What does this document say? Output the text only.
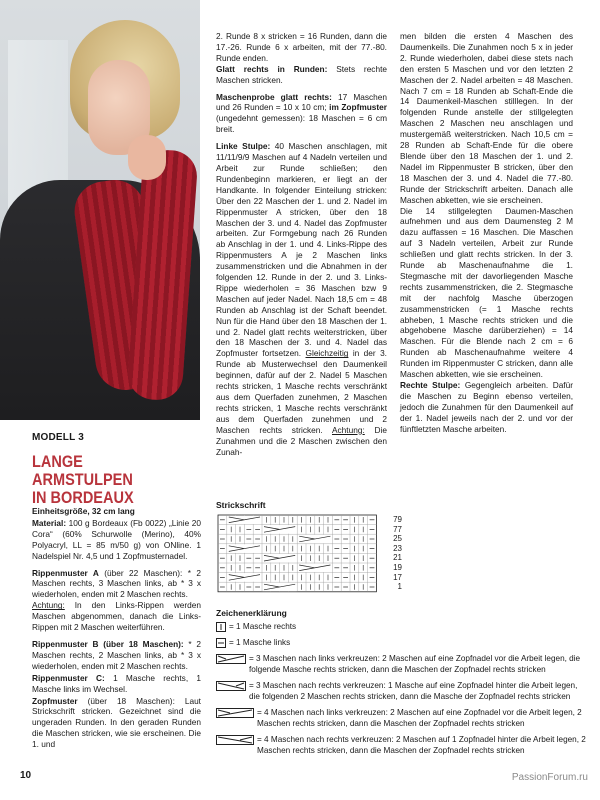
MODELL 3
LANGE ARMSTULPEN
IN BORDEAUX

Einheitsgröße, 32 cm lang

Material: 100 g Bordeaux (Fb 0022) „Linie 20 Cora“ (60% Schurwolle (Merino), 40% Polyacryl, LL = 85 m/50 g) von ONline. 1 Nadelspiel Nr. 4,5 und 1 Zopfmusternadel.

Rippenmuster A (über 22 Maschen): * 2 Maschen rechts, 3 Maschen links, ab * 3 x wiederholen, enden mit 2 Maschen rechts.

Achtung: In den Links-Rippen werden Maschen abgenommen, danach die Links-Rippen mit 2 Maschen weiterführen.

Rippenmuster B (über 18 Maschen): * 2 Maschen rechts, 2 Maschen links, ab * 3 x wiederholen, enden mit 2 Maschen rechts.

Rippenmuster C: 1 Masche rechts, 1 Masche links im Wechsel.

Zopfmuster (über 18 Maschen): Laut Strickschrift stricken. Gezeichnet sind die ungeraden Runden. In den geraden Runden die Maschen stricken, wie sie erscheinen. Die 1. und

2. Runde 8 x stricken = 16 Runden, dann die 17.-26. Runde 6 x arbeiten, mit der 77.-80. Runde enden.

Glatt rechts in Runden: Stets rechte Maschen stricken.

Maschenprobe glatt rechts: 17 Maschen und 26 Runden = 10 x 10 cm; im Zopfmuster (ungedehnt gemessen): 18 Maschen = 6 cm breit.

Linke Stulpe: 40 Maschen anschlagen, mit 11/11/9/9 Maschen auf 4 Nadeln verteilen und Arbeit zur Runde schließen; den Rundenbeginn markieren, er liegt an der Handkante. In folgender Einteilung stricken: Über den 22 Maschen der 1. und 2. Nadel im Rippenmuster A stricken, über den 18 Maschen der 3. und 4. Nadel das Zopfmuster arbeiten. Zur Formgebung nach 26 Runden ab Anschlag in der 1. und 4. Links-Rippe des Rippenmusters A je 2 Maschen links zusammenstricken und die Abnahmen in der folgenden 12. Runde in der 2. und 3. Links-Rippe wiederholen = 36 Maschen bzw 9 Maschen auf jeder Nadel. Nach 18,5 cm = 48 Runden ab Anschlag ist der Schaft beendet. Nun für die Hand über den 18 Maschen der 1. und 2. Nadel glatt rechts weiterstricken, über den 18 Maschen der 3. und 4. Nadel das Zopfmuster fortsetzen. Gleichzeitig in der 3. Runde ab Musterwechsel den Daumenkeil beginnen, dafür auf der 2. Nadel 5 Maschen rechts stricken, 1 Masche rechts verschränkt aus dem Querfaden zunehmen, 2 Maschen rechts stricken, 1 Masche rechts verschränkt aus dem Querfaden zunehmen und 2 Maschen rechts stricken. Achtung: Die Zunahmen und die 2 Maschen zwischen den Zunah-

men bilden die ersten 4 Maschen des Daumenkeils. Die Zunahmen noch 5 x in jeder 2. Runde wiederholen, dabei diese stets nach den ersten 5 Maschen und vor den letzten 2 Maschen der 2. Nadel arbeiten = 48 Maschen. Nach 7 cm = 18 Runden ab Schaft-Ende die 14 Daumenkeil-Maschen stilllegen. In der folgenden Runde anstelle der stillgelegten Maschen 2 Maschen neu anschlagen und mustergemäß weiterstricken. Nach 10,5 cm = 28 Runden ab Schaft-Ende für die obere Blende über den 18 Maschen der 1. und 2. Nadel im Rippenmuster B stricken, über den 18 Maschen der 3. und 4. Nadel die 77.-80. Runde der Strickschrift arbeiten. Danach alle Maschen abketten, wie sie erscheinen.

Die 14 stillgelegten Daumen-Maschen aufnehmen und aus dem Daumensteg 2 M dazu auffassen = 16 Maschen. Die Maschen auf 3 Nadeln verteilen, Arbeit zur Runde schließen und glatt rechts stricken. In der 3. Runde ab Maschenaufnahme die 1. Stegmasche mit der davorliegenden Masche rechts zusammenstricken, die 2. Stegmasche mit der nachfolg Masche überzogen zusammenstricken (= 1 Masche rechts abheben, 1 Masche rechts stricken und die abgehobene Masche darüberziehen) = 14 Maschen. Für die Blende nach 2 cm = 6 Runden ab Maschenaufnahme weitere 4 Runden im Rippenmuster C stricken, dann alle Maschen abketten, wie sie erscheinen.

Rechte Stulpe: Gegengleich arbeiten. Dafür die Maschen zu Beginn ebenso verteilen, jedoch die Zunahmen für den Daumenkeil auf der 1. Nadel jeweils nach der 2. und vor der fünftletzten Masche arbeiten.

Strickschrift
79
77
25
23
21
19
17
1
Zeichenerklärung
= 1 Masche rechts
= 1 Masche links
= 3 Maschen nach links verkreuzen: 2 Maschen auf eine Zopfnadel vor die Arbeit legen, die folgende Masche rechts stricken, dann die Maschen der Zopfnadel rechts stricken
= 3 Maschen nach rechts verkreuzen: 1 Masche auf eine Zopfnadel hinter die Arbeit legen, die folgenden 2 Maschen rechts stricken, dann die Masche der Zopfnadel rechts stricken
= 4 Maschen nach links verkreuzen: 2 Maschen auf eine Zopfnadel vor die Arbeit legen, 2 Maschen rechts stricken, dann die Maschen der Zopfnadel rechts stricken
= 4 Maschen nach rechts verkreuzen: 2 Maschen auf 1 Zopfnadel hinter die Arbeit legen, 2 Maschen rechts stricken, dann die Maschen der Zopfnadel rechts stricken
10	PassionForum.ru
